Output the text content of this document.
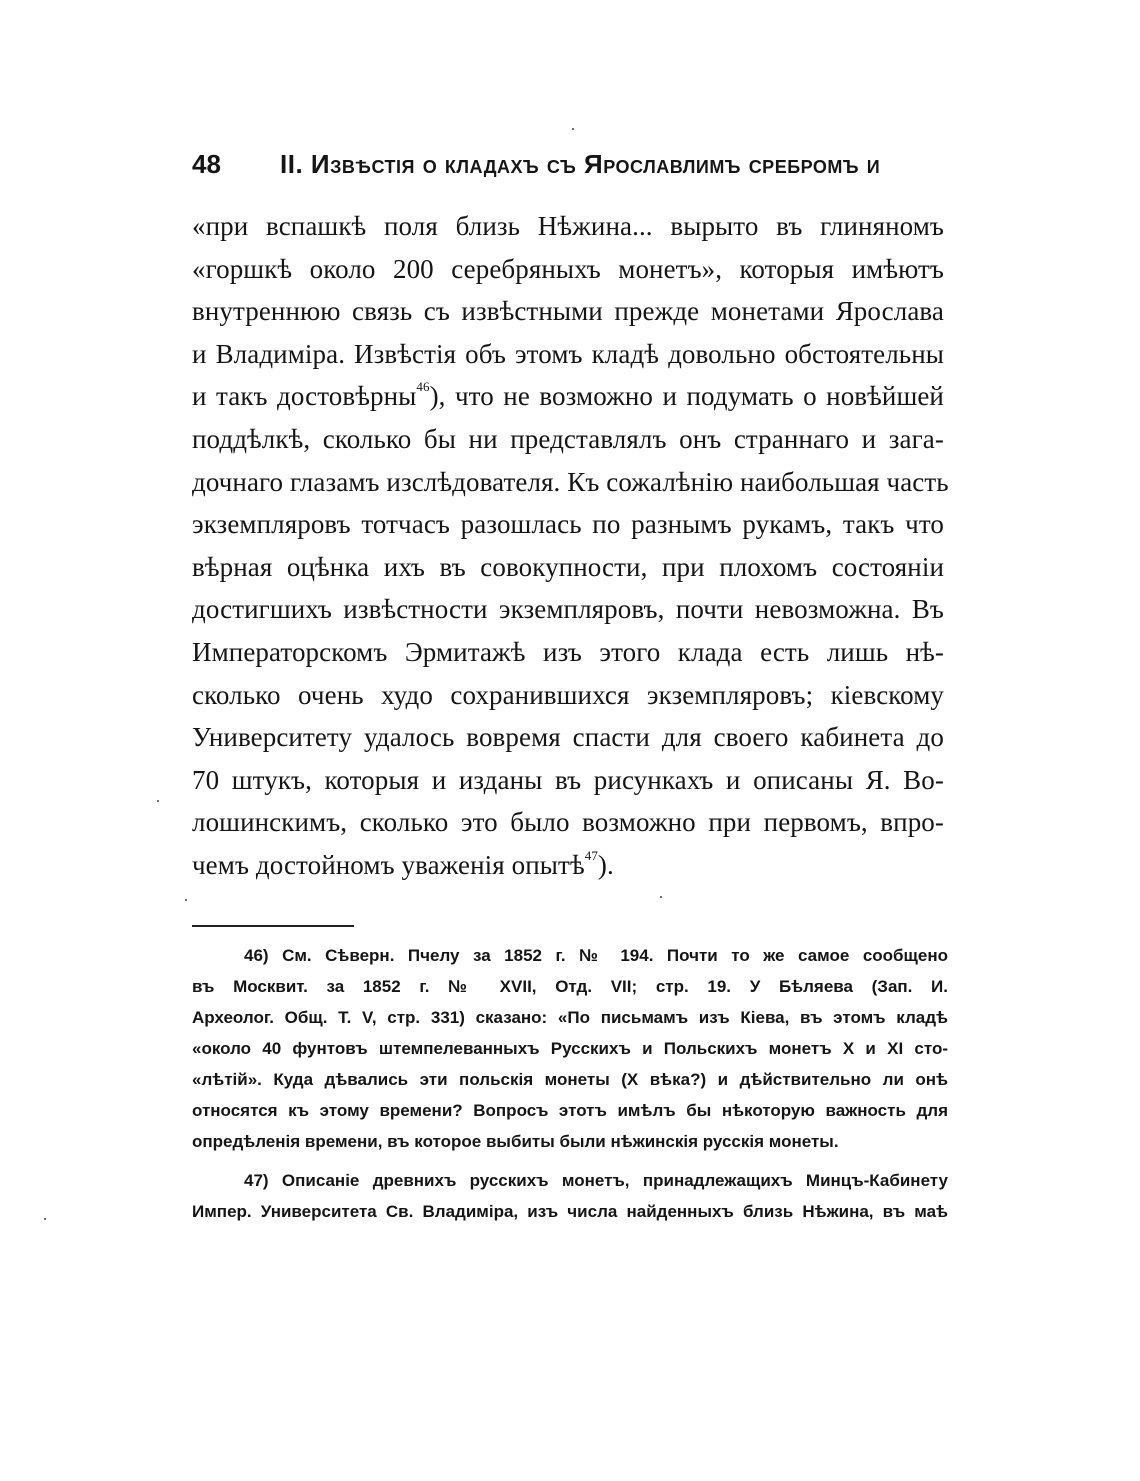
48 II. Извѣстія о кладахъ съ Ярославлимъ сребромъ и
«при вспашкѣ поля близь Нѣжина... вырыто въ глиняномъ
«горшкѣ около 200 серебряныхъ монетъ», которыя имѣютъ
внутреннюю связь съ извѣстными прежде монетами Ярослава
и Владиміра. Извѣстія объ этомъ кладѣ довольно обстоятельны
и такъ достовѣрны$^{46}$), что не возможно и подумать о новѣйшей
поддѣлкѣ, сколько бы ни представлялъ онъ страннаго и зага-
дочнаго глазамъ изслѣдователя. Къ сожалѣнію наибольшая часть
экземпляровъ тотчасъ разошлась по разнымъ рукамъ, такъ что
вѣрная оцѣнка ихъ въ совокупности, при плохомъ состояніи
достигшихъ извѣстности экземпляровъ, почти невозможна. Въ
Императорскомъ Эрмитажѣ изъ этого клада есть лишь нѣ-
сколько очень худо сохранившихся экземпляровъ; кіевскому
Университету удалось вовремя спасти для своего кабинета до
70 штукъ, которыя и изданы въ рисункахъ и описаны Я. Во-
лошинскимъ, сколько это было возможно при первомъ, впро-
чемъ достойномъ уваженія опытѣ$^{47}$).
46) См. Сѣверн. Пчелу за 1852 г. № 194. Почти то же самое сообщено
въ Москвит. за 1852 г. № XVII, Отд. VII; стр. 19. У Бѣляева (Зап. И.
Археолог. Общ. Т. V, стр. 331) сказано: «По письмамъ изъ Кіева, въ этомъ кладѣ
«около 40 фунтовъ штемпелеванныхъ Русскихъ и Польскихъ монетъ X и XI сто-
«лѣтій». Куда дѣвались эти польскія монеты (X вѣка?) и дѣйствительно ли онѣ
относятся къ этому времени? Вопросъ этотъ имѣлъ бы нѣкоторую важность для
опредѣленія времени, въ которое выбиты были нѣжинскія русскія монеты.
47) Описаніе древнихъ русскихъ монетъ, принадлежащихъ Минцъ-Кабинету
Импер. Университета Св. Владиміра, изъ числа найденныхъ близь Нѣжина, въ маѣ
